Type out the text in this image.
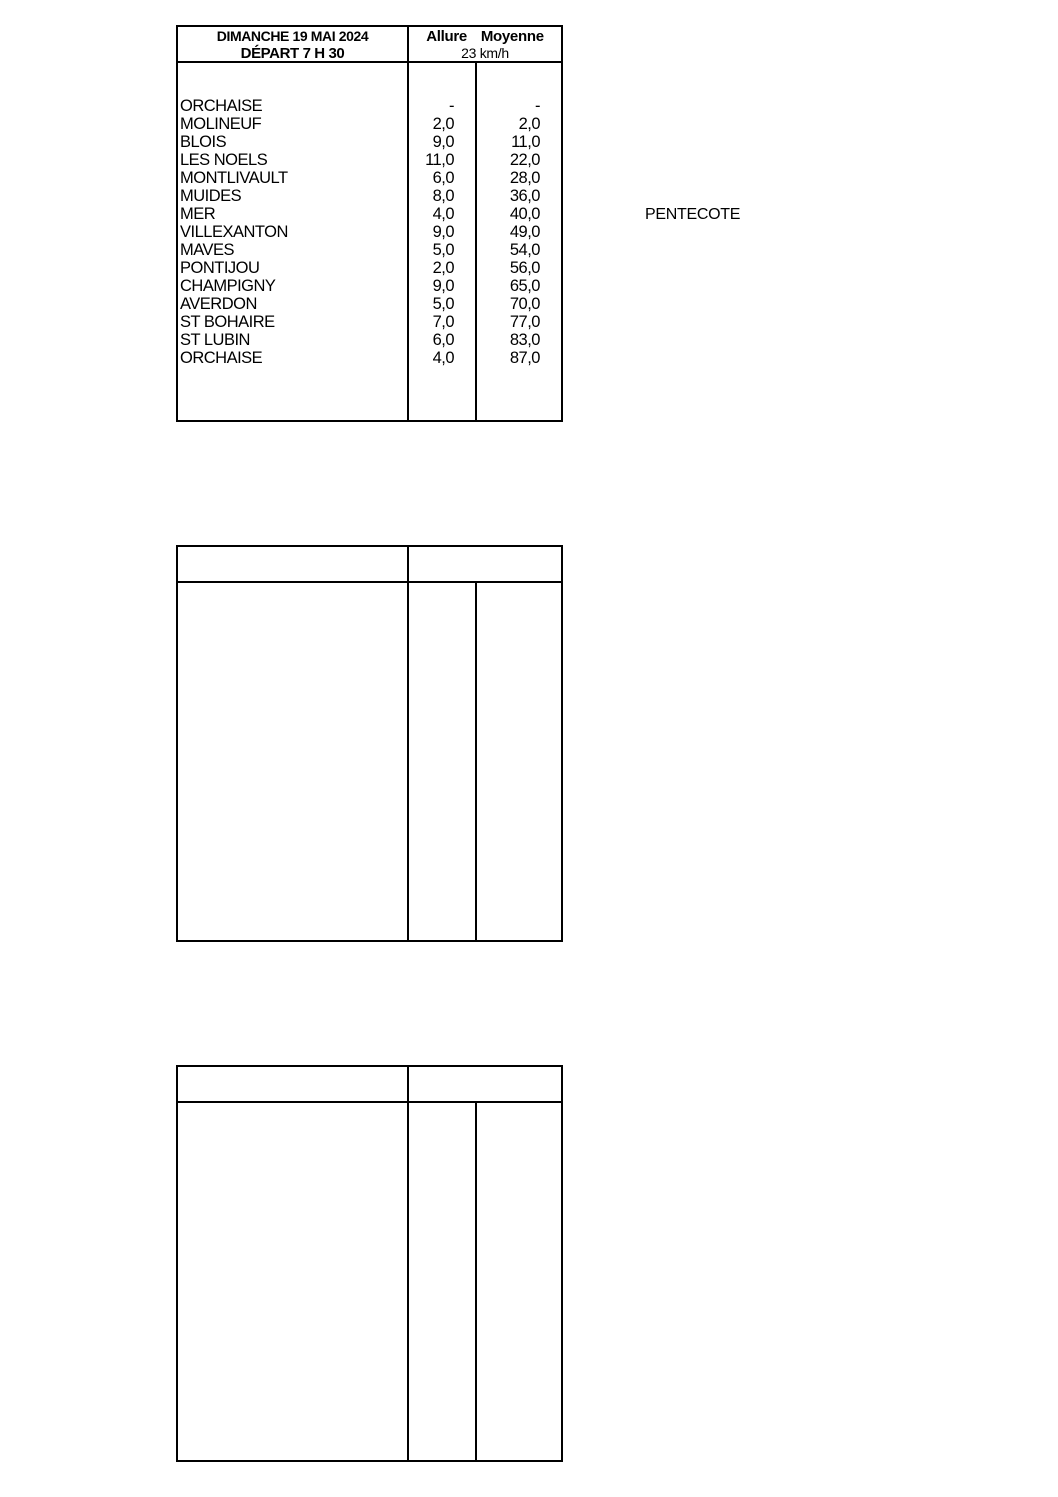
DIMANCHE 19 MAI 2024
DÉPART 7 H 30
Allure Moyenne
23 km/h
ORCHAISE	-	-
MOLINEUF	2,0	2,0
BLOIS	9,0	11,0
LES NOELS	11,0	22,0
MONTLIVAULT	6,0	28,0
MUIDES	8,0	36,0
MER	4,0	40,0
VILLEXANTON	9,0	49,0
MAVES	5,0	54,0
PONTIJOU	2,0	56,0
CHAMPIGNY	9,0	65,0
AVERDON	5,0	70,0
ST BOHAIRE	7,0	77,0
ST LUBIN	6,0	83,0
ORCHAISE	4,0	87,0
PENTECOTE
